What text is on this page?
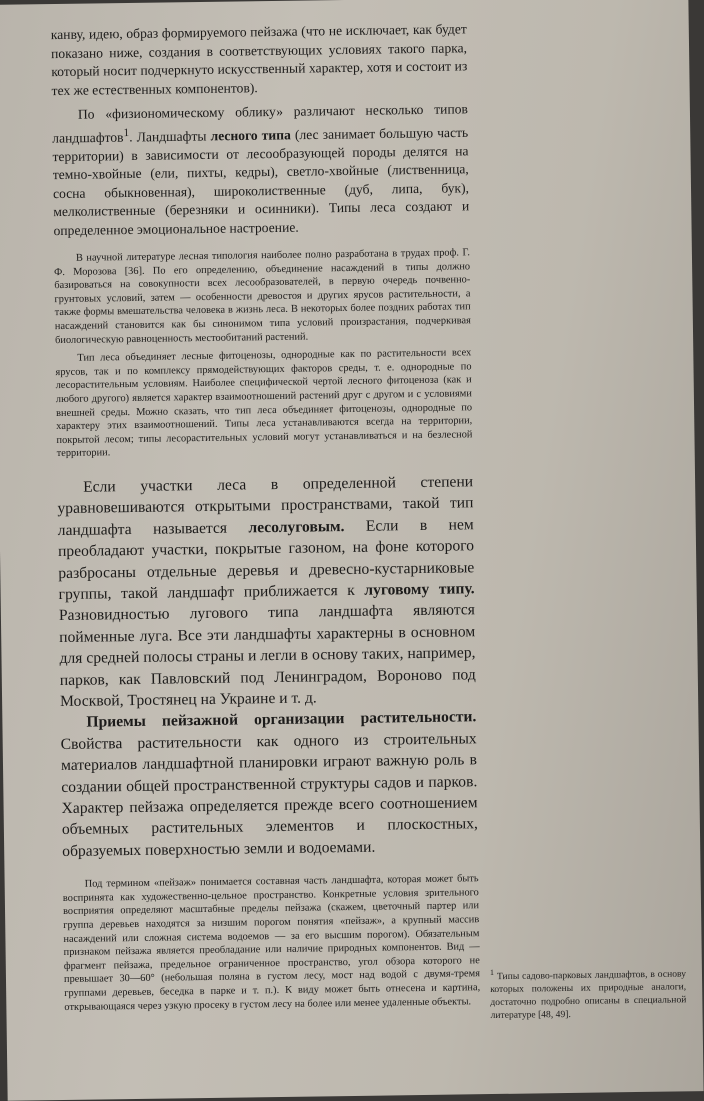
канву, идею, образ формируемого пейзажа (что не исключает, как будет показано ниже, создания в соответствующих условиях такого парка, который носит подчеркнуто искусственный характер, хотя и состоит из тех же естественных компонентов).

По «физиономическому облику» различают несколько типов ландшафтов$^1$. Ландшафты лесного типа (лес занимает большую часть территории) в зависимости от лесообразующей породы делятся на темно-хвойные (ели, пихты, кедры), светло-хвойные (лиственница, сосна обыкновенная), широколиственные (дуб, липа, бук), мелколиственные (березняки и осинники). Типы леса создают и определенное эмоциональное настроение.

В научной литературе лесная типология наиболее полно разработана в трудах проф. Г. Ф. Морозова [36]. По его определению, объединение насаждений в типы должно базироваться на совокупности всех лесообразователей, в первую очередь почвенно-грунтовых условий, затем — особенности древостоя и других ярусов растительности, а также формы вмешательства человека в жизнь леса. В некоторых более поздних работах тип насаждений становится как бы синонимом типа условий произрастания, подчеркивая биологическую равноценность местообитаний растений.

Тип леса объединяет лесные фитоценозы, однородные как по растительности всех ярусов, так и по комплексу прямодействующих факторов среды, т. е. однородные по лесорастительным условиям. Наиболее специфической чертой лесного фитоценоза (как и любого другого) является характер взаимоотношений растений друг с другом и с условиями внешней среды. Можно сказать, что тип леса объединяет фитоценозы, однородные по характеру этих взаимоотношений. Типы леса устанавливаются всегда на территории, покрытой лесом; типы лесорастительных условий могут устанавливаться и на безлесной территории.

Если участки леса в определенной степени уравновешиваются открытыми пространствами, такой тип ландшафта называется лесолуговым. Если в нем преобладают участки, покрытые газоном, на фоне которого разбросаны отдельные деревья и древесно-кустарниковые группы, такой ландшафт приближается к луговому типу. Разновидностью лугового типа ландшафта являются пойменные луга. Все эти ландшафты характерны в основном для средней полосы страны и легли в основу таких, например, парков, как Павловский под Ленинградом, Вороново под Москвой, Тростянец на Украине и т. д.

Приемы пейзажной организации растительности. Свойства растительности как одного из строительных материалов ландшафтной планировки играют важную роль в создании общей пространственной структуры садов и парков. Характер пейзажа определяется прежде всего соотношением объемных растительных элементов и плоскостных, образуемых поверхностью земли и водоемами.

Под термином «пейзаж» понимается составная часть ландшафта, которая может быть воспринята как художественно-цельное пространство. Конкретные условия зрительного восприятия определяют масштабные пределы пейзажа (скажем, цветочный партер или группа деревьев находятся за низшим порогом понятия «пейзаж», а крупный массив насаждений или сложная система водоемов — за его высшим порогом). Обязательным признаком пейзажа является преобладание или наличие природных компонентов. Вид — фрагмент пейзажа, предельное ограниченное пространство, угол обзора которого не превышает 30—60° (небольшая поляна в густом лесу, мост над водой с двумя-тремя группами деревьев, беседка в парке и т. п.). К виду может быть отнесена и картина, открывающаяся через узкую просеку в густом лесу на более или менее удаленные объекты.

$^1$ Типы садово-парковых ландшафтов, в основу которых положены их природные аналоги, достаточно подробно описаны в специальной литературе [48, 49].
